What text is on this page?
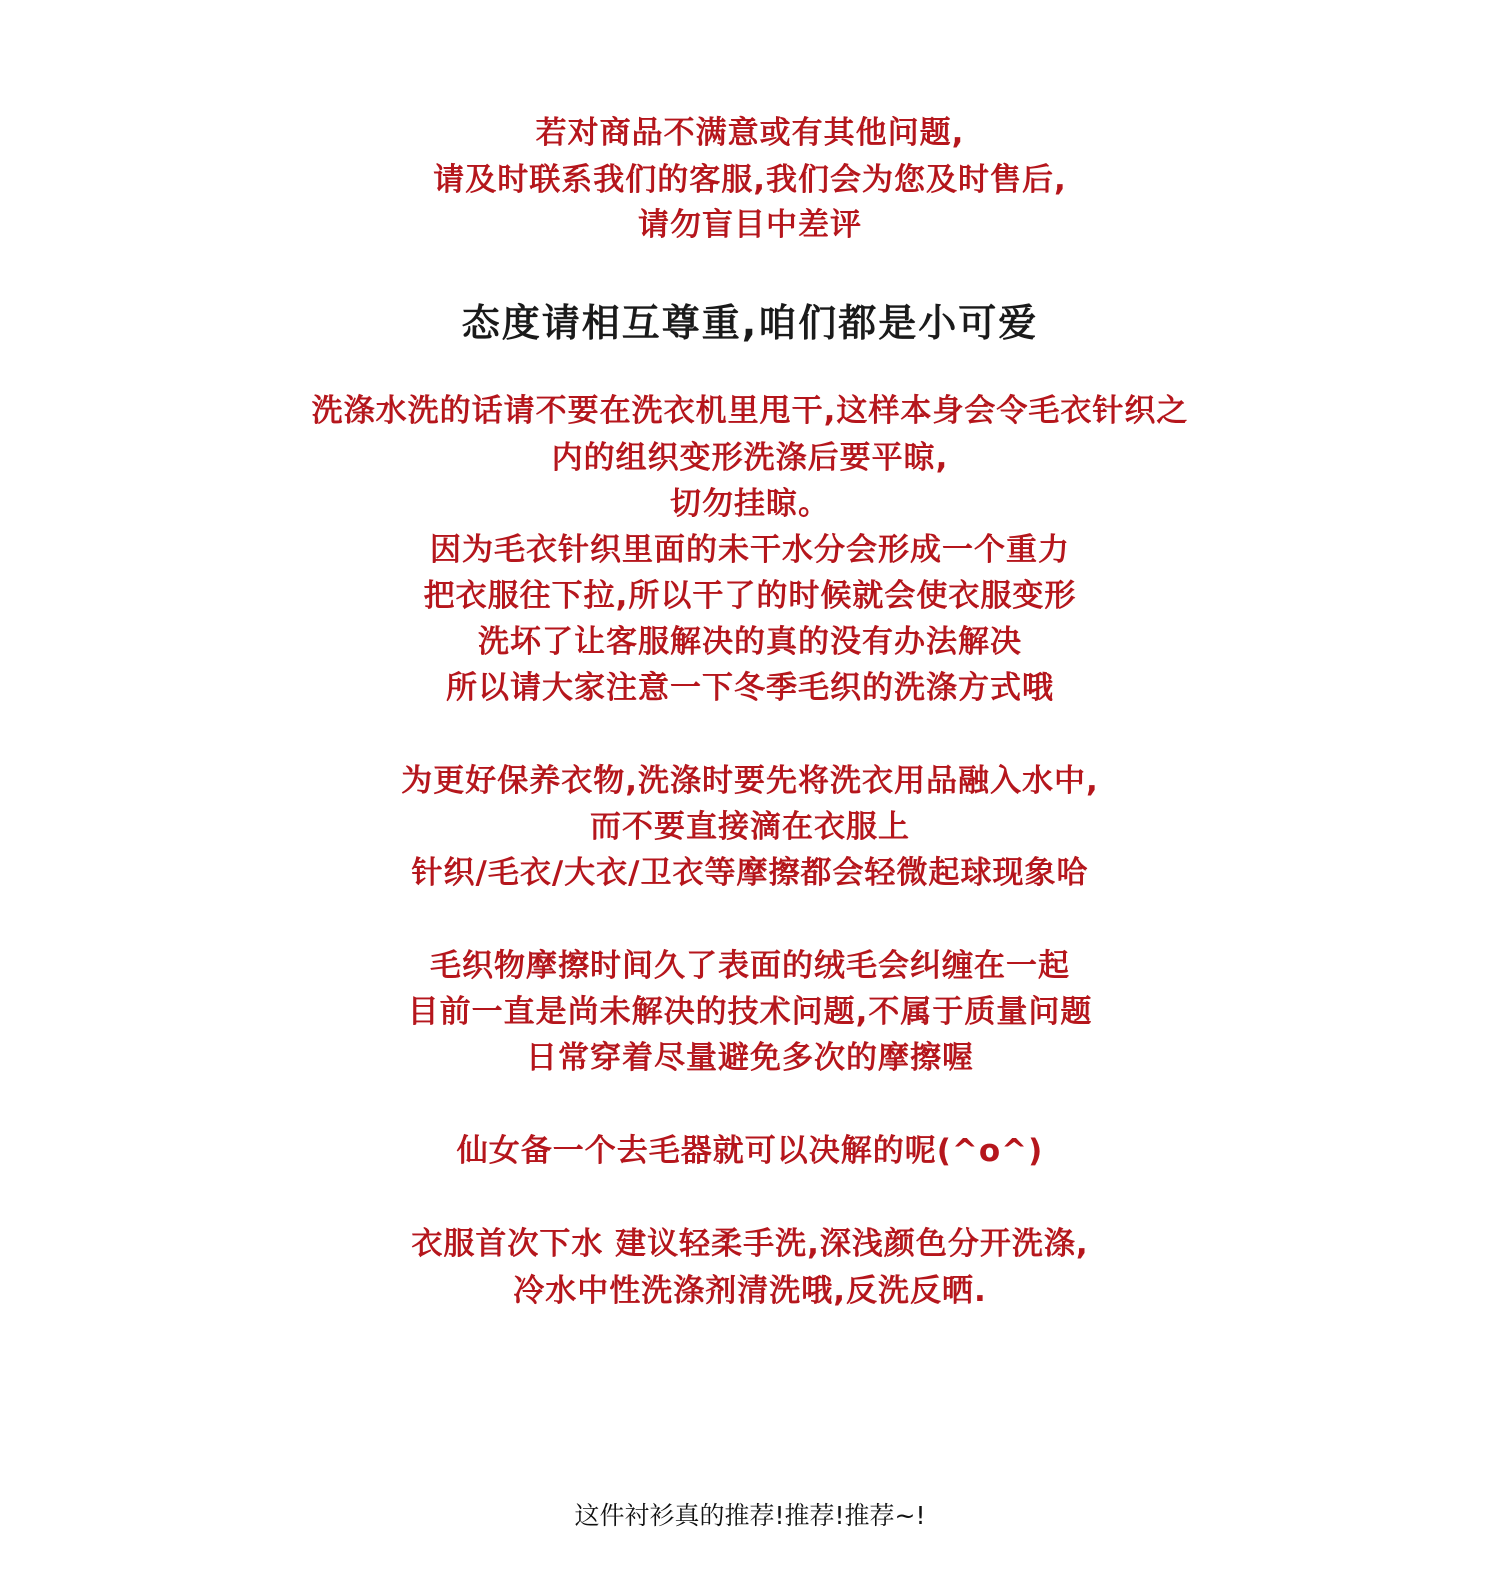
若对商品不满意或有其他问题,
请及时联系我们的客服,我们会为您及时售后,
请勿盲目中差评
态度请相互尊重,咱们都是小可爱
洗涤水洗的话请不要在洗衣机里甩干,这样本身会令毛衣针织之
内的组织变形洗涤后要平晾,
切勿挂晾。
因为毛衣针织里面的未干水分会形成一个重力
把衣服往下拉,所以干了的时候就会使衣服变形
洗坏了让客服解决的真的没有办法解决
所以请大家注意一下冬季毛织的洗涤方式哦
为更好保养衣物,洗涤时要先将洗衣用品融入水中,
而不要直接滴在衣服上
针织/毛衣/大衣/卫衣等摩擦都会轻微起球现象哈
毛织物摩擦时间久了表面的绒毛会纠缠在一起
目前一直是尚未解决的技术问题,不属于质量问题
日常穿着尽量避免多次的摩擦喔
仙女备一个去毛器就可以决解的呢(^o^)
衣服首次下水 建议轻柔手洗,深浅颜色分开洗涤,
冷水中性洗涤剂清洗哦,反洗反晒.
这件衬衫真的推荐!推荐!推荐~!
